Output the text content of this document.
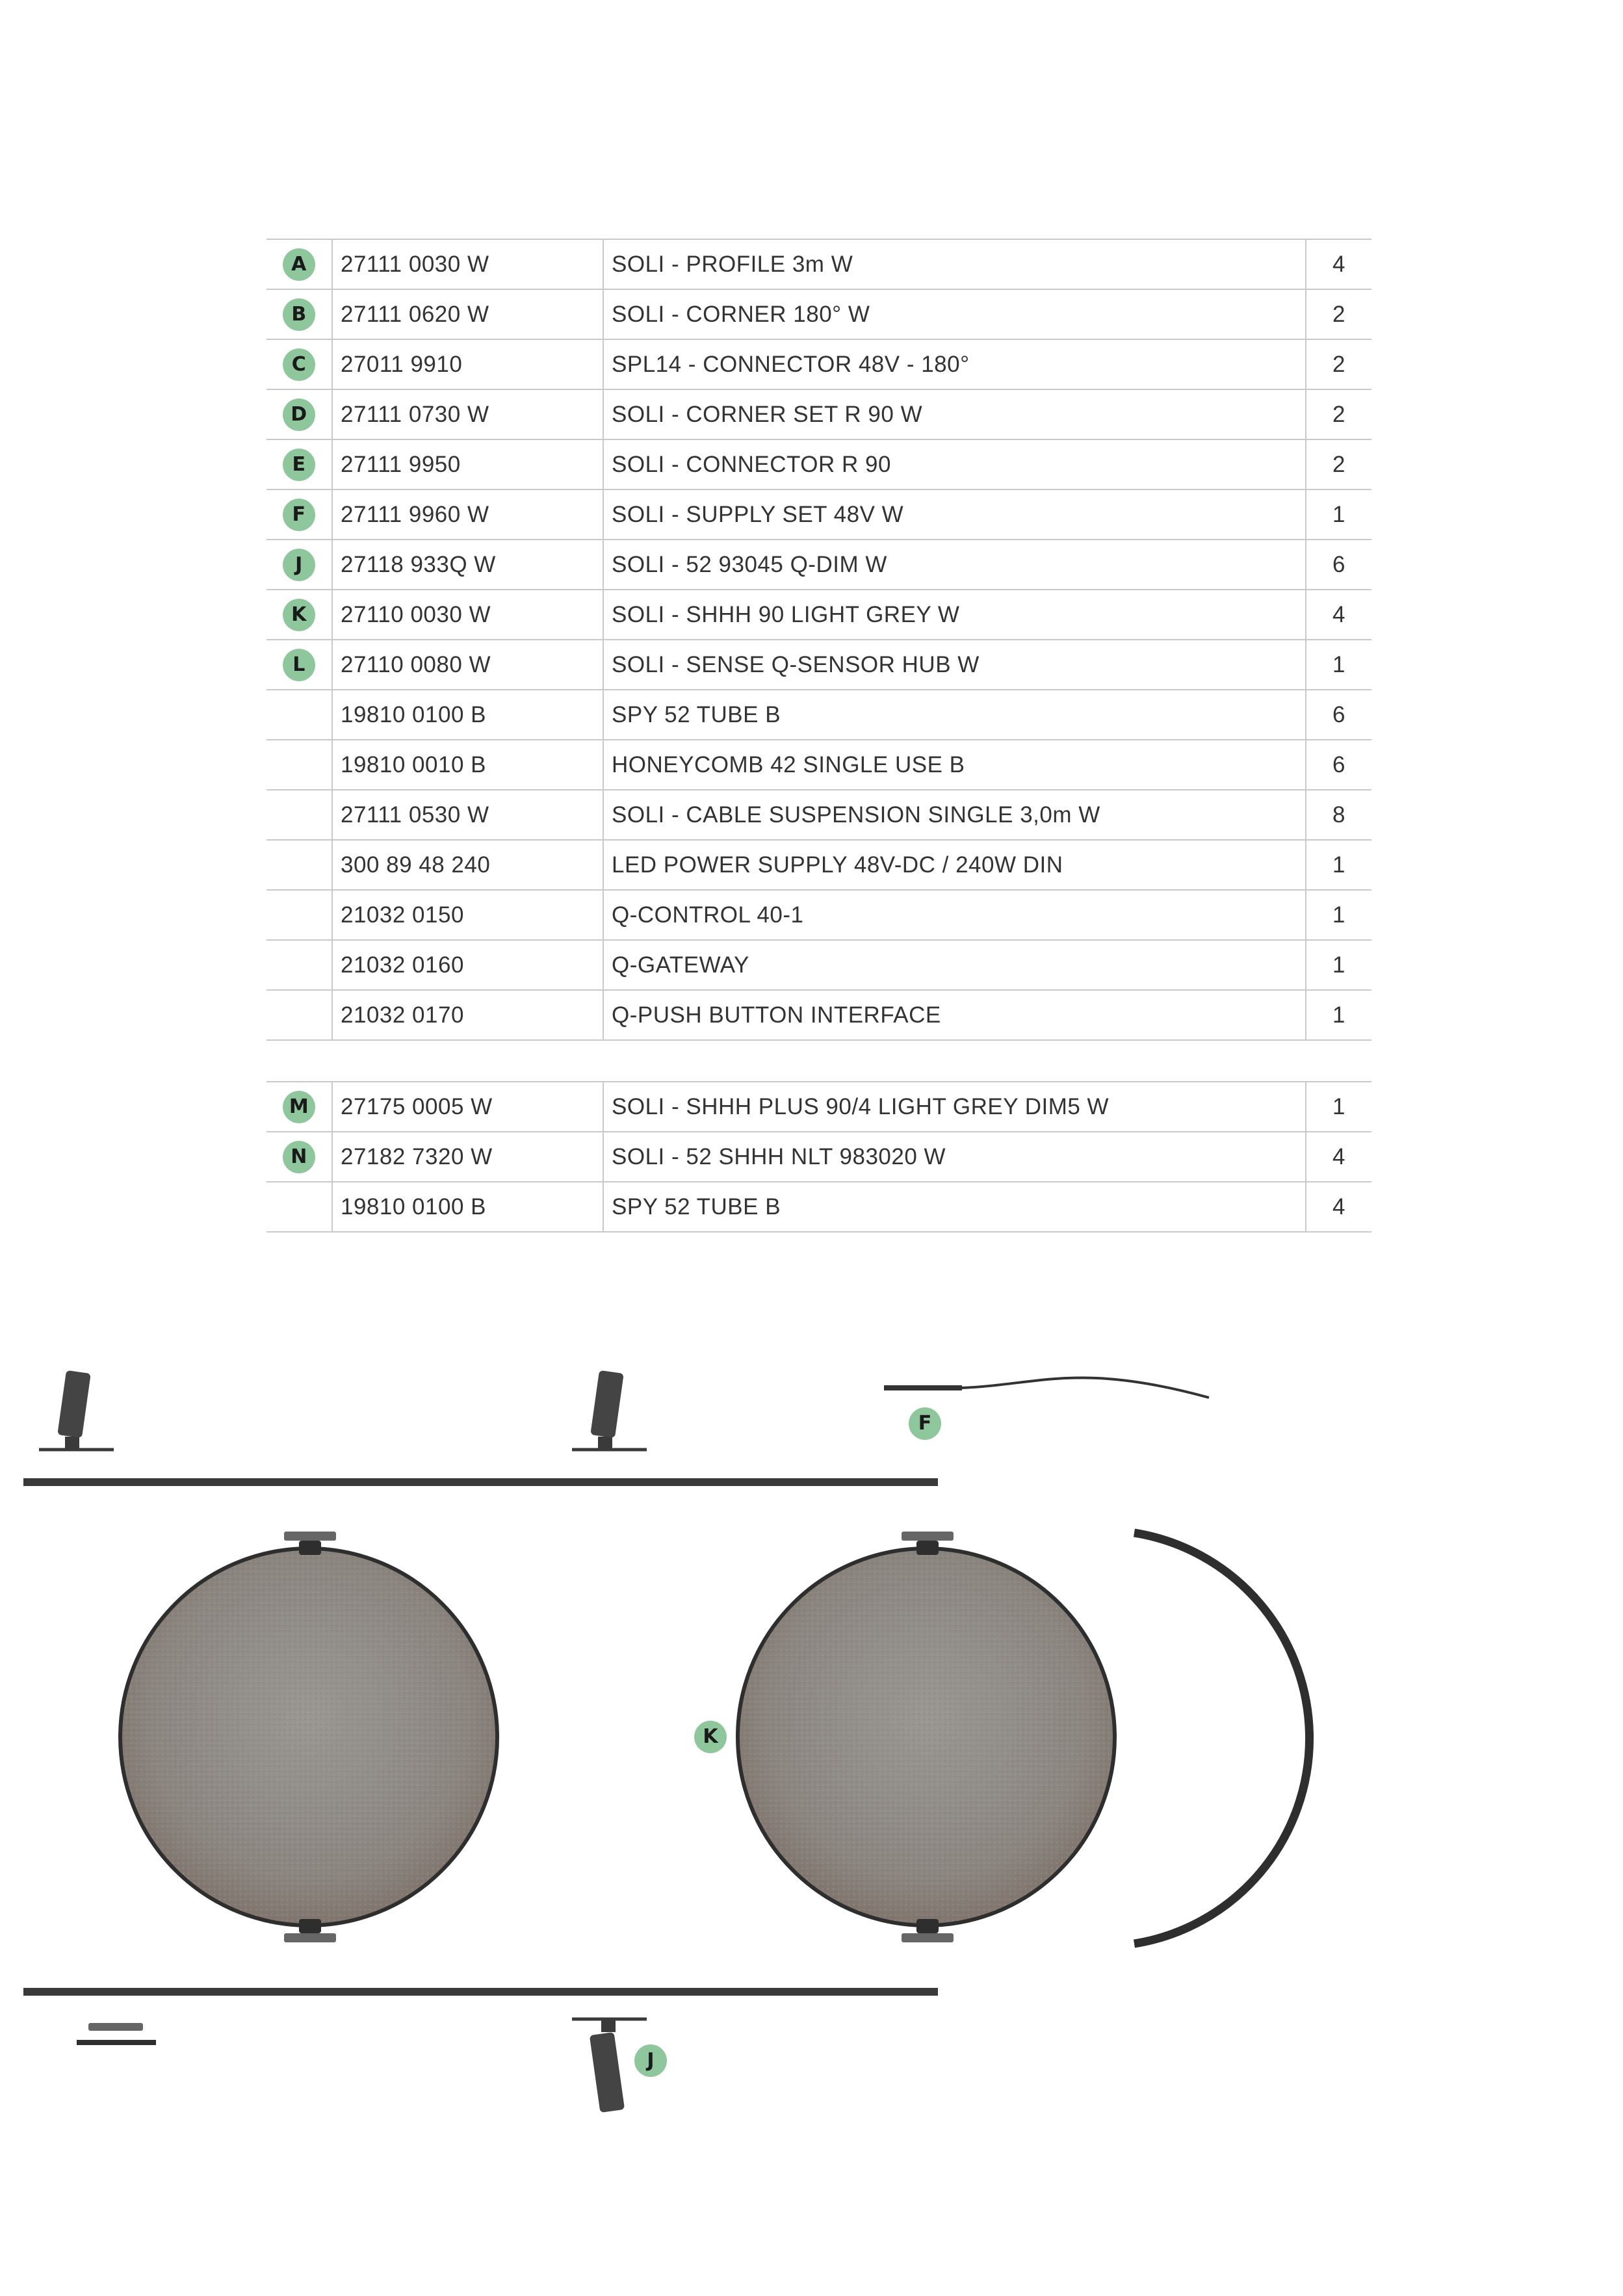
A	27111 0030 W	SOLI - PROFILE 3m W	4
B	27111 0620 W	SOLI - CORNER 180° W	2
C	27011 9910	SPL14 - CONNECTOR 48V - 180°	2
D	27111 0730 W	SOLI - CORNER SET R 90 W	2
E	27111 9950	SOLI - CONNECTOR R 90	2
F	27111 9960 W	SOLI - SUPPLY SET 48V W	1
J	27118 933Q W	SOLI - 52 93045 Q-DIM W	6
K	27110 0030 W	SOLI - SHHH 90 LIGHT GREY W	4
L	27110 0080 W	SOLI - SENSE Q-SENSOR HUB W	1
	19810 0100 B	SPY 52 TUBE B	6
	19810 0010 B	HONEYCOMB 42 SINGLE USE B	6
	27111 0530 W	SOLI - CABLE SUSPENSION SINGLE 3,0m W	8
	300 89 48 240	LED POWER SUPPLY 48V-DC / 240W DIN	1
	21032 0150	Q-CONTROL 40-1	1
	21032 0160	Q-GATEWAY	1
	21032 0170	Q-PUSH BUTTON INTERFACE	1
M	27175 0005 W	SOLI - SHHH PLUS 90/4 LIGHT GREY DIM5 W	1
N	27182 7320 W	SOLI - 52 SHHH NLT 983020 W	4
	19810 0100 B	SPY 52 TUBE B	4
F
K
J
